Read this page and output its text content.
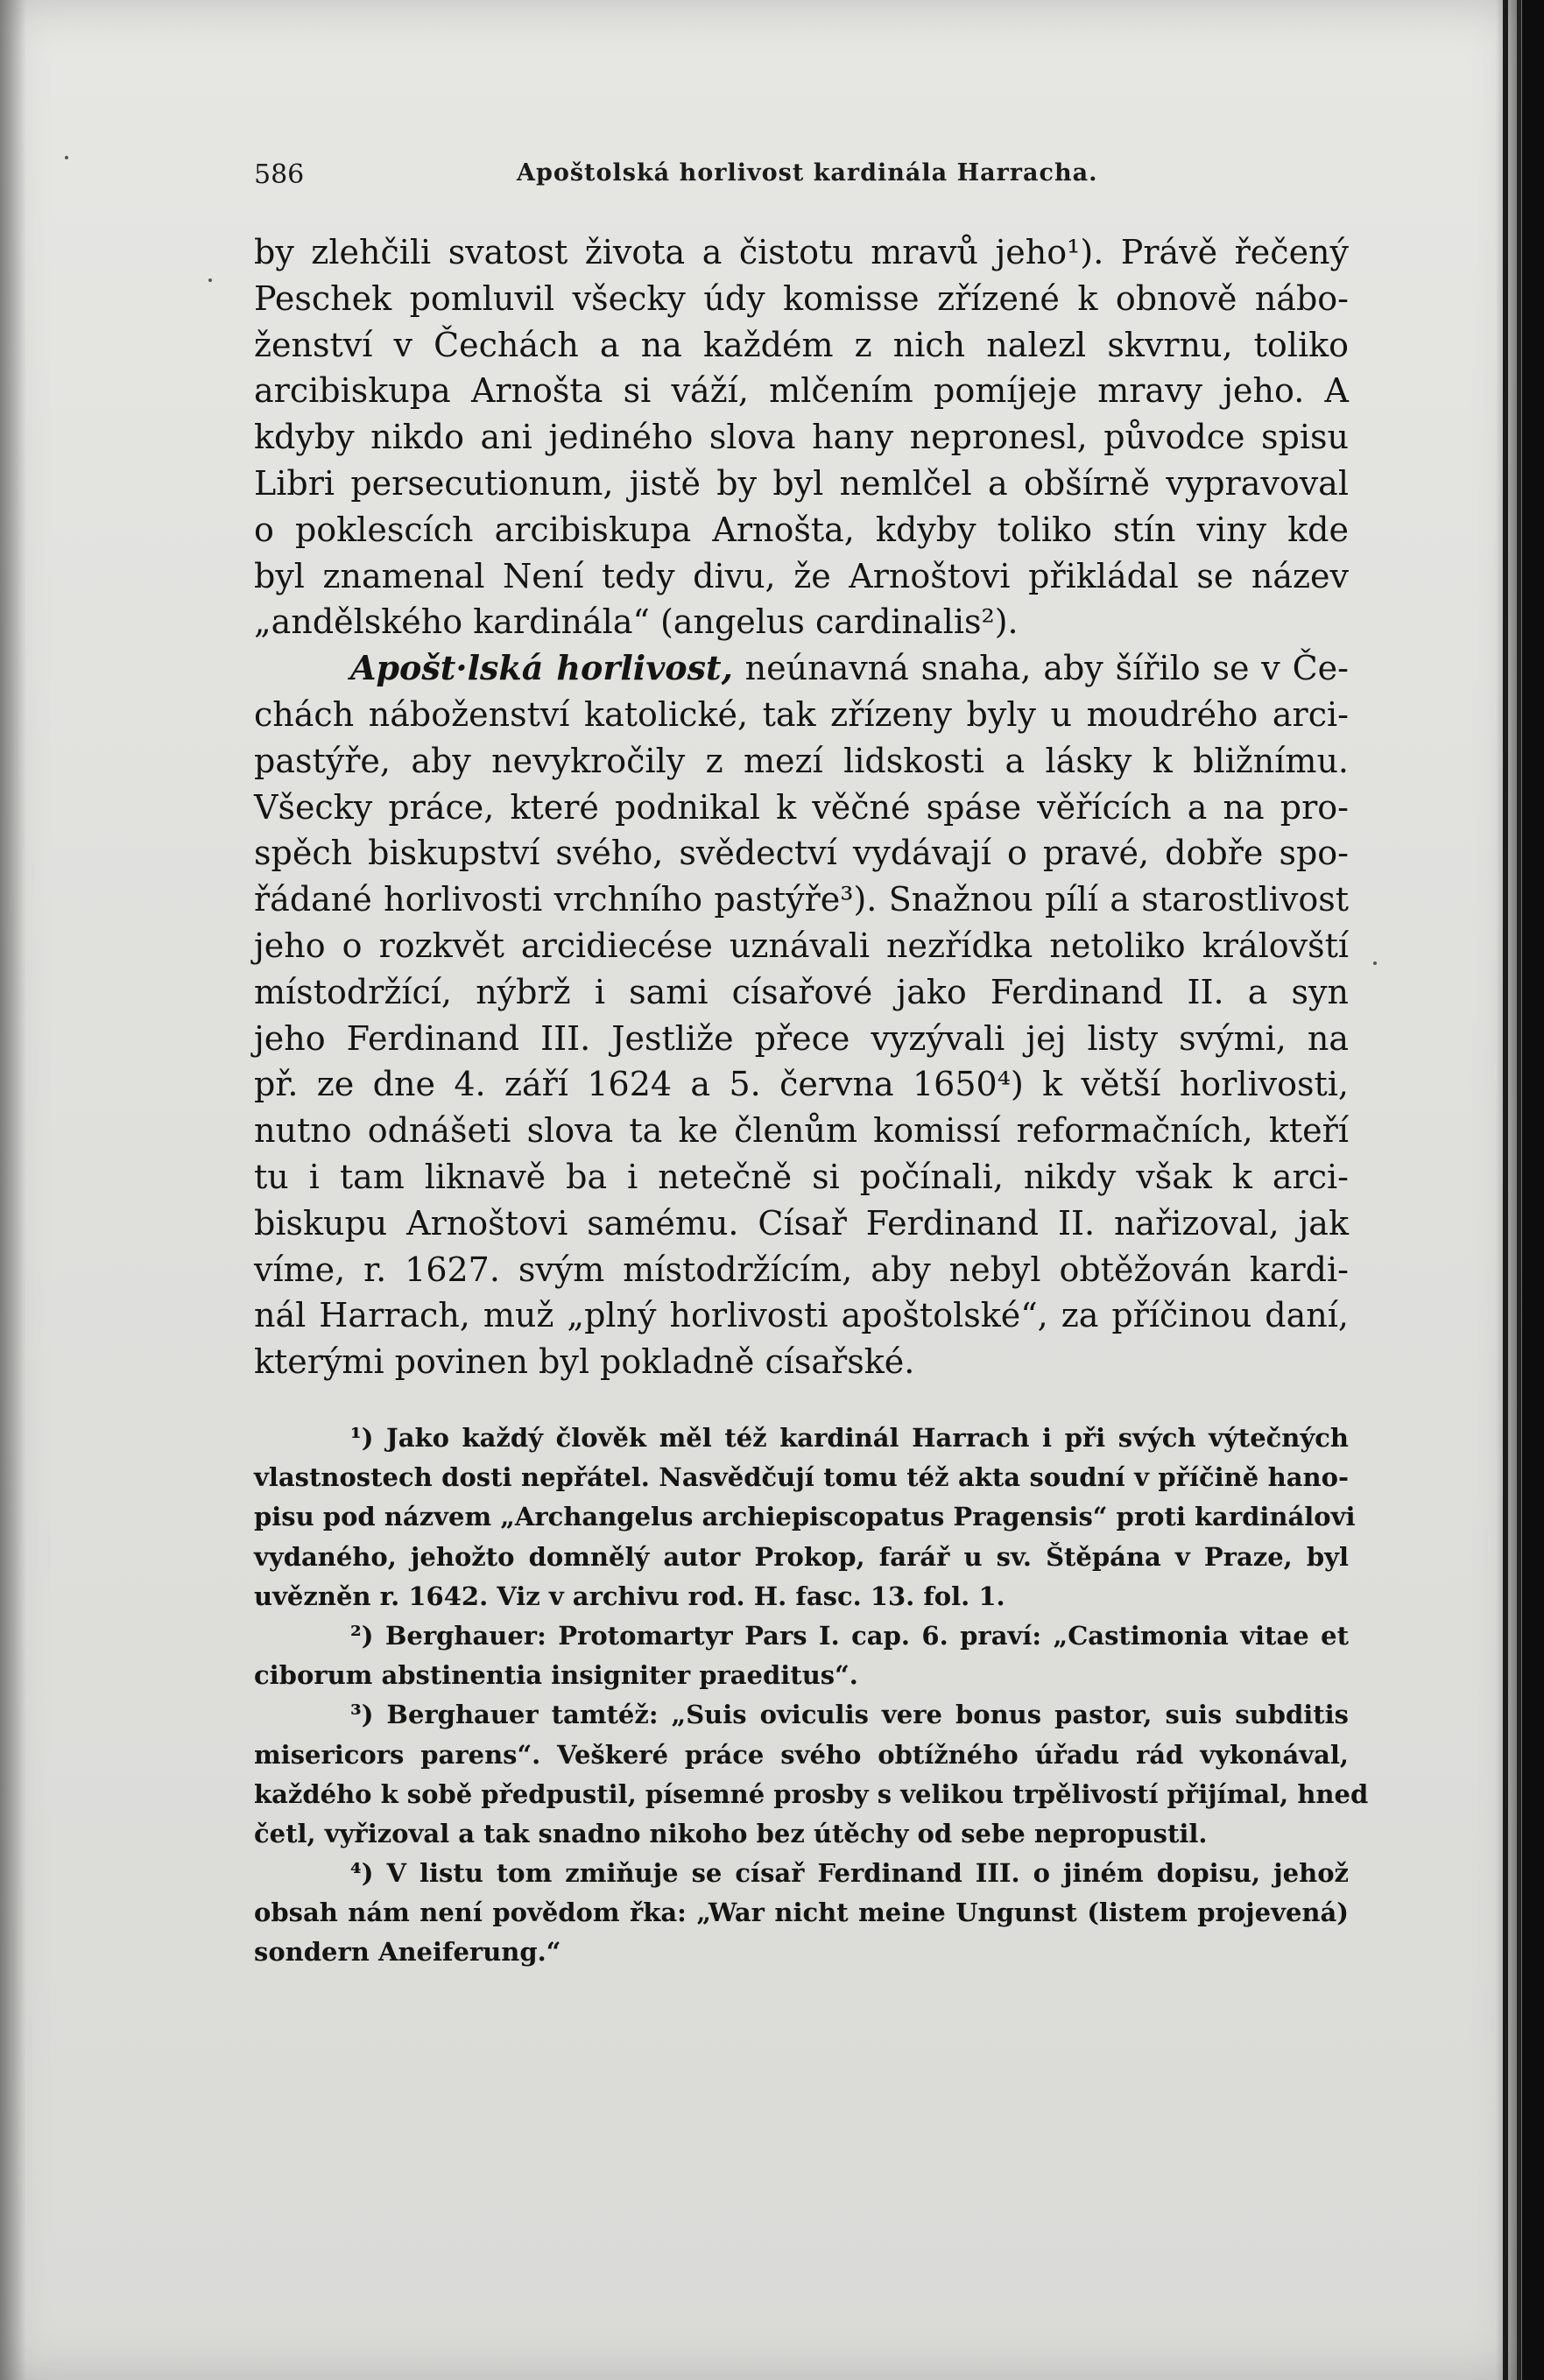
586	Apoštolská horlivost kardinála Harracha.
by zlehčili svatost života a čistotu mravů jeho¹). Právě řečený
Peschek pomluvil všecky údy komisse zřízené k obnově nábo-
ženství v Čechách a na každém z nich nalezl skvrnu, toliko
arcibiskupa Arnošta si váží, mlčením pomíjeje mravy jeho. A
kdyby nikdo ani jediného slova hany nepronesl, původce spisu
Libri persecutionum, jistě by byl nemlčel a obšírně vypravoval
o poklescích arcibiskupa Arnošta, kdyby toliko stín viny kde
byl znamenal Není tedy divu, že Arnoštovi přikládal se název
„andělského kardinála“ (angelus cardinalis²).
Apošt·lská horlivost, neúnavná snaha, aby šířilo se v Če-
chách náboženství katolické, tak zřízeny byly u moudrého arci-
pastýře, aby nevykročily z mezí lidskosti a lásky k bližnímu.
Všecky práce, které podnikal k věčné spáse věřících a na pro-
spěch biskupství svého, svědectví vydávají o pravé, dobře spo-
řádané horlivosti vrchního pastýře³). Snažnou pílí a starostlivost
jeho o rozkvět arcidiecése uznávali nezřídka netoliko královští
místodržící, nýbrž i sami císařové jako Ferdinand II. a syn
jeho Ferdinand III. Jestliže přece vyzývali jej listy svými, na
př. ze dne 4. září 1624 a 5. června 1650⁴) k větší horlivosti,
nutno odnášeti slova ta ke členům komissí reformačních, kteří
tu i tam liknavě ba i netečně si počínali, nikdy však k arci-
biskupu Arnoštovi samému. Císař Ferdinand II. nařizoval, jak
víme, r. 1627. svým místodržícím, aby nebyl obtěžován kardi-
nál Harrach, muž „plný horlivosti apoštolské“, za příčinou daní,
kterými povinen byl pokladně císařské.
¹) Jako každý člověk měl též kardinál Harrach i při svých výtečných
vlastnostech dosti nepřátel. Nasvědčují tomu též akta soudní v příčině hano-
pisu pod názvem „Archangelus archiepiscopatus Pragensis“ proti kardinálovi
vydaného, jehožto domnělý autor Prokop, farář u sv. Štěpána v Praze, byl
uvězněn r. 1642. Viz v archivu rod. H. fasc. 13. fol. 1.
²) Berghauer: Protomartyr Pars I. cap. 6. praví: „Castimonia vitae et
ciborum abstinentia insigniter praeditus“.
³) Berghauer tamtéž: „Suis oviculis vere bonus pastor, suis subditis
misericors parens“. Veškeré práce svého obtížného úřadu rád vykonával,
každého k sobě předpustil, písemné prosby s velikou trpělivostí přijímal, hned
četl, vyřizoval a tak snadno nikoho bez útěchy od sebe nepropustil.
⁴) V listu tom zmiňuje se císař Ferdinand III. o jiném dopisu, jehož
obsah nám není povědom řka: „War nicht meine Ungunst (listem projevená)
sondern Aneiferung.“
